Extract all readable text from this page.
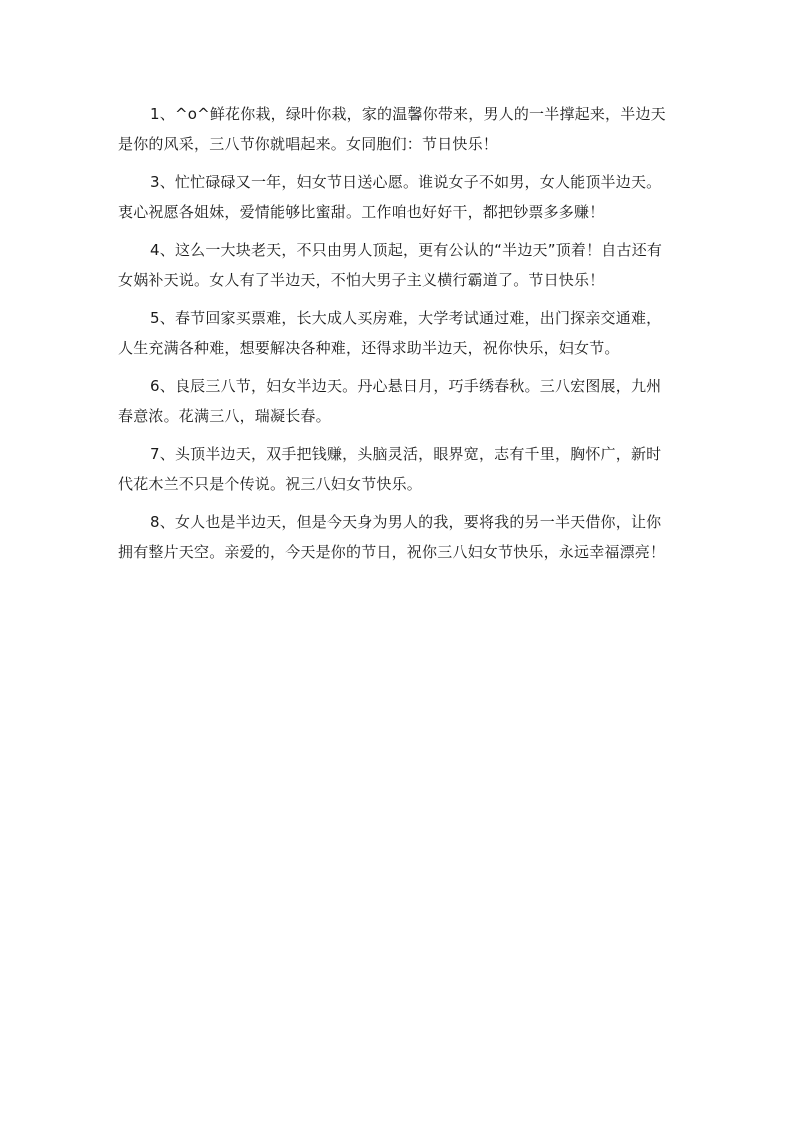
1、^o^鲜花你栽，绿叶你栽，家的温馨你带来，男人的一半撑起来，半边天是你的风采，三八节你就唱起来。女同胞们：节日快乐！

3、忙忙碌碌又一年，妇女节日送心愿。谁说女子不如男，女人能顶半边天。衷心祝愿各姐妹，爱情能够比蜜甜。工作咱也好好干，都把钞票多多赚！

4、这么一大块老天，不只由男人顶起，更有公认的“半边天”顶着！自古还有女娲补天说。女人有了半边天，不怕大男子主义横行霸道了。节日快乐！

5、春节回家买票难，长大成人买房难，大学考试通过难，出门探亲交通难，人生充满各种难，想要解决各种难，还得求助半边天，祝你快乐，妇女节。

6、良辰三八节，妇女半边天。丹心悬日月，巧手绣春秋。三八宏图展，九州春意浓。花满三八，瑞凝长春。

7、头顶半边天，双手把钱赚，头脑灵活，眼界宽，志有千里，胸怀广，新时代花木兰不只是个传说。祝三八妇女节快乐。

8、女人也是半边天，但是今天身为男人的我，要将我的另一半天借你，让你拥有整片天空。亲爱的，今天是你的节日，祝你三八妇女节快乐，永远幸福漂亮！
